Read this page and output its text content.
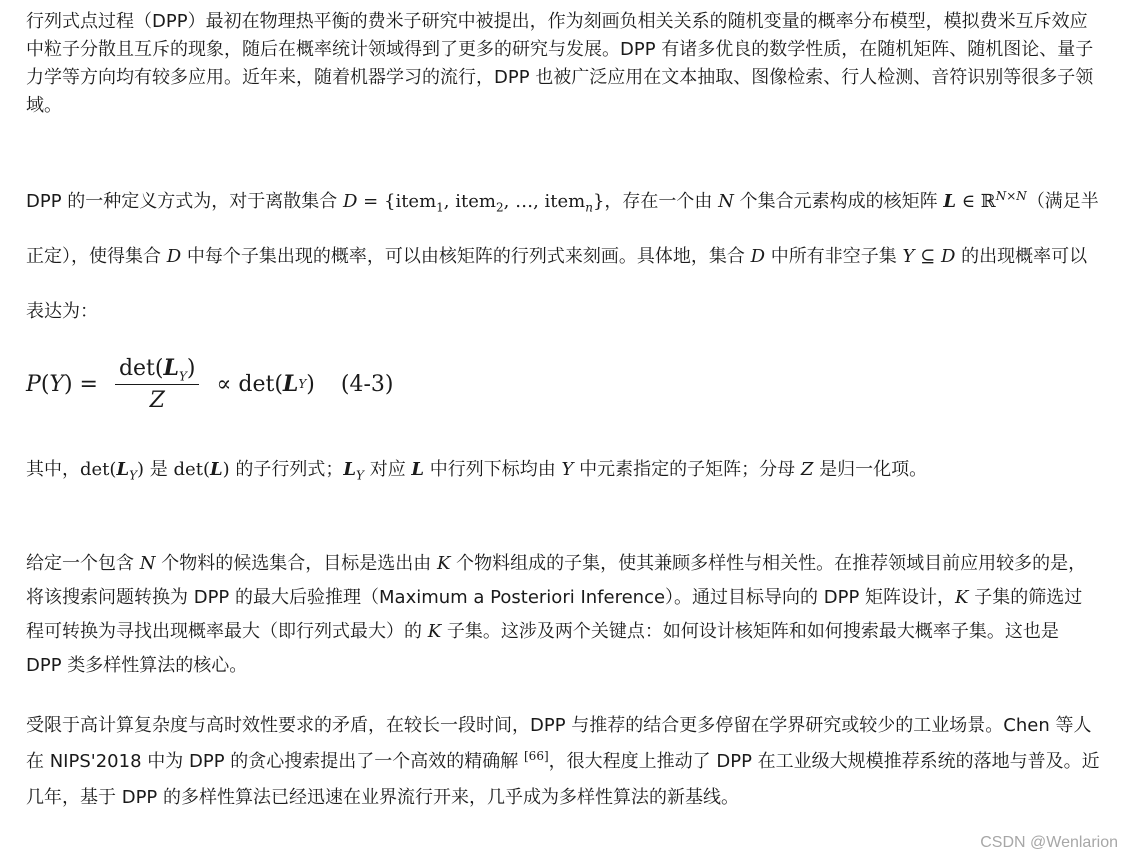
行列式点过程（DPP）最初在物理热平衡的费米子研究中被提出，作为刻画负相关关系的随机变量的概率分布模型，模拟费米互斥效应中粒子分散且互斥的现象，随后在概率统计领域得到了更多的研究与发展。DPP 有诸多优良的数学性质，在随机矩阵、随机图论、量子力学等方向均有较多应用。近年来，随着机器学习的流行，DPP 也被广泛应用在文本抽取、图像检索、行人检测、音符识别等很多子领域。

DPP 的一种定义方式为，对于离散集合 D = {item$_1$, item$_2$, …, item$_n$}，存在一个由 N 个集合元素构成的核矩阵 L ∈ ℝ$^{N\times N}$（满足半正定），使得集合 D 中每个子集出现的概率，可以由核矩阵的行列式来刻画。具体地，集合 D 中所有非空子集 Y ⊆ D 的出现概率可以表达为：

P ( Y ) = $\frac{\det(L_Y)}{Z} \propto \det$ ( L Y ) (4-3)

其中，$\det(L_Y)$ 是 det(L) 的子行列式；$L_Y$ 对应 L 中行列下标均由 Y 中元素指定的子矩阵；分母 Z 是归一化项。

给定一个包含 N 个物料的候选集合，目标是选出由 K 个物料组成的子集，使其兼顾多样性与相关性。在推荐领域目前应用较多的是，将该搜索问题转换为 DPP 的最大后验推理（Maximum a Posteriori Inference）。通过目标导向的 DPP 矩阵设计，K 子集的筛选过程可转换为寻找出现概率最大（即行列式最大）的 K 子集。这涉及两个关键点：如何设计核矩阵和如何搜索最大概率子集。这也是 DPP 类多样性算法的核心。

受限于高计算复杂度与高时效性要求的矛盾，在较长一段时间，DPP 与推荐的结合更多停留在学界研究或较少的工业场景。Chen 等人在 NIPS'2018 中为 DPP 的贪心搜索提出了一个高效的精确解 [66]，很大程度上推动了 DPP 在工业级大规模推荐系统的落地与普及。近几年，基于 DPP 的多样性算法已经迅速在业界流行开来，几乎成为多样性算法的新基线。

CSDN @Wenlarion
